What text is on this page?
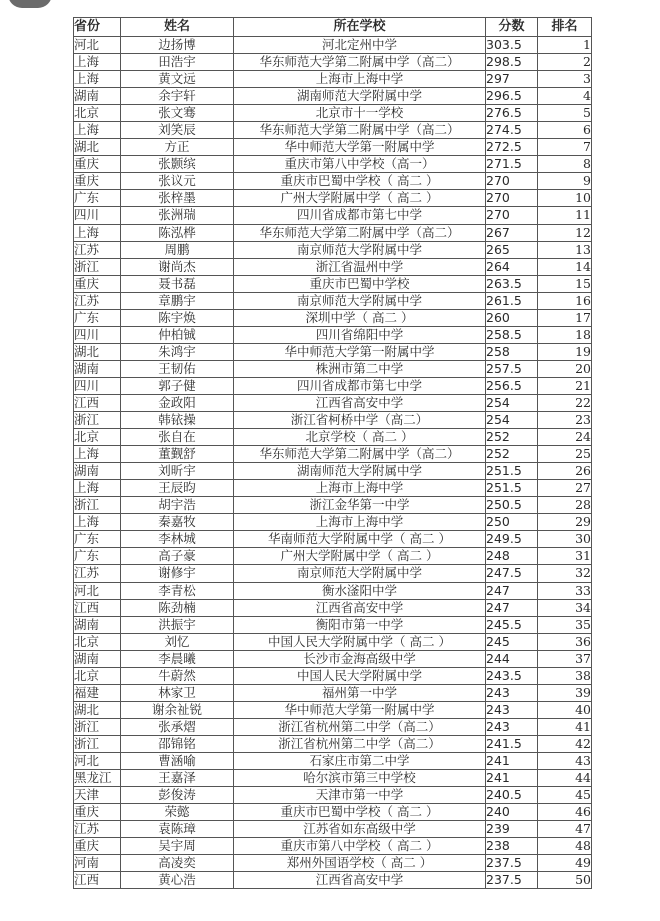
省份	姓名	所在学校	分数	排名
河北	边扬博	河北定州中学	303.5	1
上海	田浩宇	华东师范大学第二附属中学（高二）	298.5	2
上海	黄文远	上海市上海中学	297	3
湖南	余宇轩	湖南师范大学附属中学	296.5	4
北京	张文骞	北京市十一学校	276.5	5
上海	刘笑辰	华东师范大学第二附属中学（高二）	274.5	6
湖北	方正	华中师范大学第一附属中学	272.5	7
重庆	张颢缤	重庆市第八中学校（高一）	271.5	8
重庆	张议元	重庆市巴蜀中学校（ 高二 ）	270	9
广东	张梓墨	广州大学附属中学（ 高二 ）	270	10
四川	张洲瑞	四川省成都市第七中学	270	11
上海	陈泓桦	华东师范大学第二附属中学（高二）	267	12
江苏	周鹏	南京师范大学附属中学	265	13
浙江	谢尚杰	浙江省温州中学	264	14
重庆	聂书磊	重庆市巴蜀中学校	263.5	15
江苏	章鹏宇	南京师范大学附属中学	261.5	16
广东	陈宇焕	深圳中学（ 高二 ）	260	17
四川	仲柏铖	四川省绵阳中学	258.5	18
湖北	朱鸿宇	华中师范大学第一附属中学	258	19
湖南	王韧佑	株洲市第二中学	257.5	20
四川	郭子健	四川省成都市第七中学	256.5	21
江西	金政阳	江西省高安中学	254	22
浙江	韩铱操	浙江省柯桥中学（高二）	254	23
北京	张自在	北京学校（ 高二 ）	252	24
上海	董觐舒	华东师范大学第二附属中学（高二）	252	25
湖南	刘昕宇	湖南师范大学附属中学	251.5	26
上海	王辰昀	上海市上海中学	251.5	27
浙江	胡宇浩	浙江金华第一中学	250.5	28
上海	秦嘉牧	上海市上海中学	250	29
广东	李林城	华南师范大学附属中学（ 高二 ）	249.5	30
广东	高子豪	广州大学附属中学（ 高二 ）	248	31
江苏	谢修宇	南京师范大学附属中学	247.5	32
河北	李青松	衡水滏阳中学	247	33
江西	陈劲楠	江西省高安中学	247	34
湖南	洪振宇	衡阳市第一中学	245.5	35
北京	刘忆	中国人民大学附属中学（ 高二 ）	245	36
湖南	李晨曦	长沙市金海高级中学	244	37
北京	牛蔚然	中国人民大学附属中学	243.5	38
福建	林家卫	福州第一中学	243	39
湖北	谢余祉锐	华中师范大学第一附属中学	243	40
浙江	张承熠	浙江省杭州第二中学（高二）	243	41
浙江	邵锦铭	浙江省杭州第二中学（高二）	241.5	42
河北	曹涵喻	石家庄市第二中学	241	43
黑龙江	王嘉泽	哈尔滨市第三中学校	241	44
天津	彭俊涛	天津市第一中学	240.5	45
重庆	荣懿	重庆市巴蜀中学校（ 高二 ）	240	46
江苏	袁陈璋	江苏省如东高级中学	239	47
重庆	吴宇周	重庆市第八中学校（ 高二 ）	238	48
河南	高凌奕	郑州外国语学校（ 高二 ）	237.5	49
江西	黄心浩	江西省高安中学	237.5	50
